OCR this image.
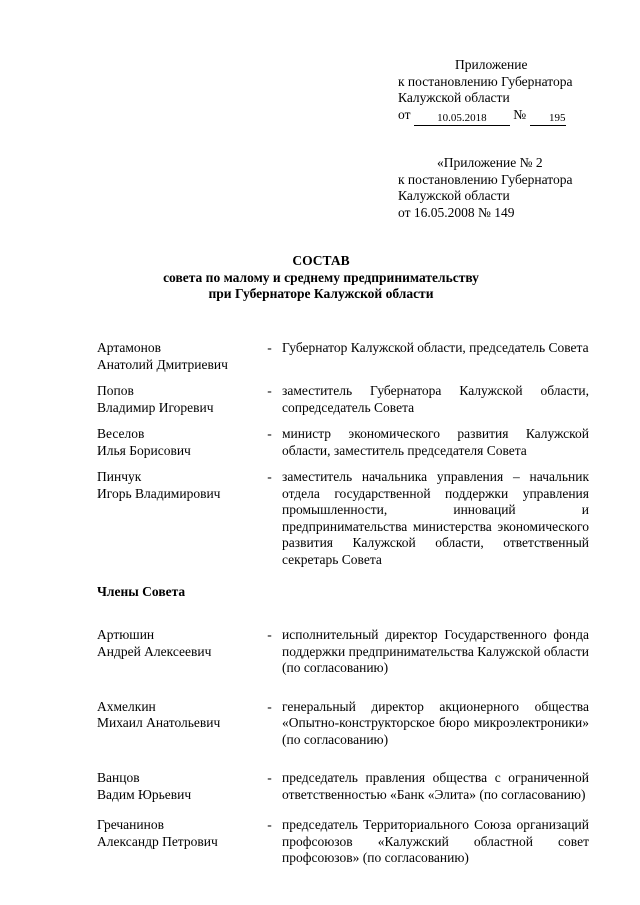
Приложение
к постановлению Губернатора
Калужской области
от 10.05.2018 № 195
«Приложение № 2
к постановлению Губернатора
Калужской области
от 16.05.2008 № 149
СОСТАВ
совета по малому и среднему предпринимательству
при Губернаторе Калужской области
Артамонов
Анатолий Дмитриевич
- Губернатор Калужской области, председатель Совета
Попов
Владимир Игоревич
- заместитель Губернатора Калужской области, сопредседатель Совета
Веселов
Илья Борисович
- министр экономического развития Калужской области, заместитель председателя Совета
Пинчук
Игорь Владимирович
- заместитель начальника управления – начальник отдела государственной поддержки управления промышленности, инноваций и предпринимательства министерства экономического развития Калужской области, ответственный секретарь Совета
Члены Совета
Артюшин
Андрей Алексеевич
- исполнительный директор Государственного фонда поддержки предпринимательства Калужской области (по согласованию)
Ахмелкин
Михаил Анатольевич
- генеральный директор акционерного общества «Опытно-конструкторское бюро микроэлектроники» (по согласованию)
Ванцов
Вадим Юрьевич
- председатель правления общества с ограниченной ответственностью «Банк «Элита» (по согласованию)
Гречанинов
Александр Петрович
- председатель Территориального Союза организаций профсоюзов «Калужский областной совет профсоюзов» (по согласованию)
